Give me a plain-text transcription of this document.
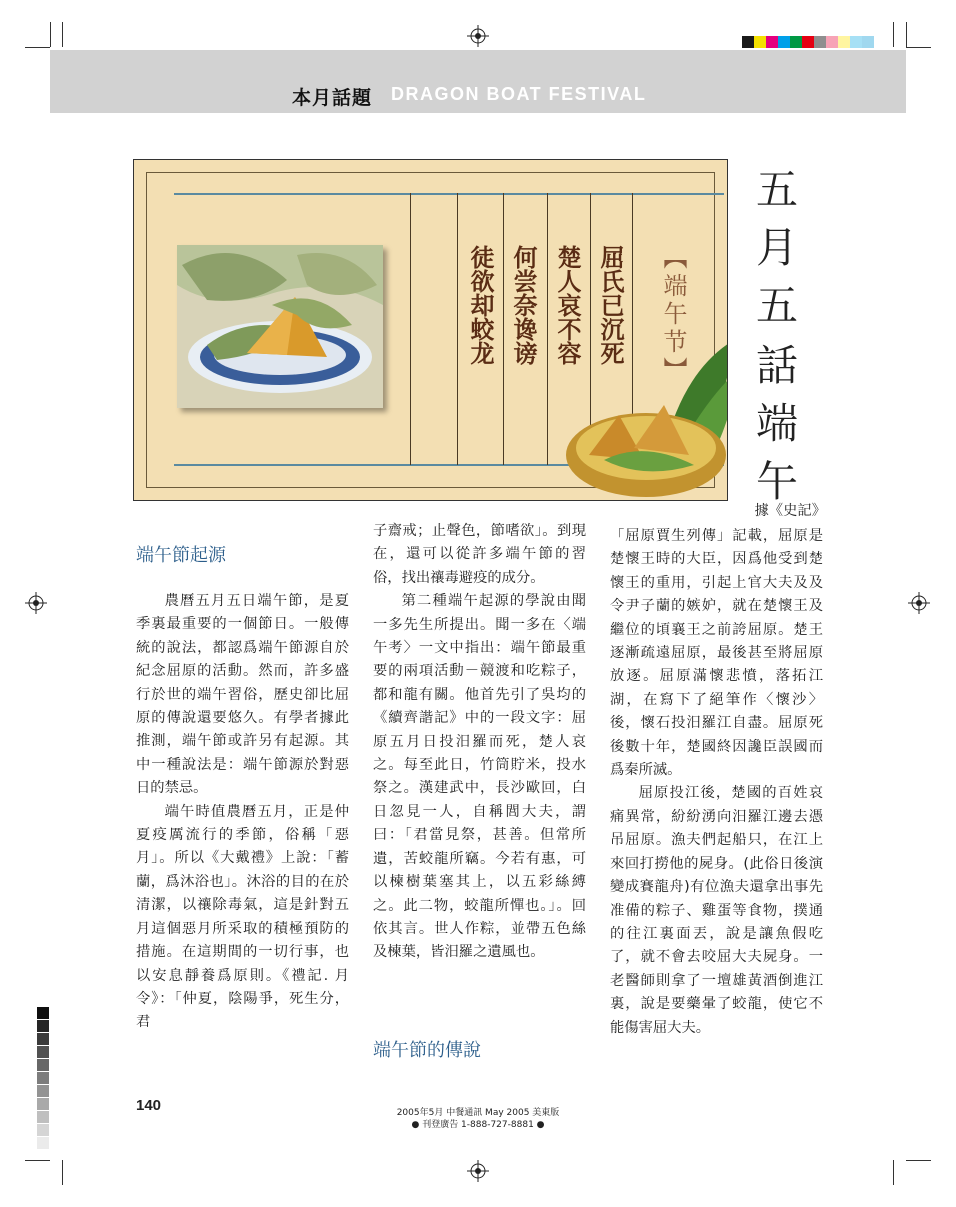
本月話題 DRAGON BOAT FESTIVAL
屈氏已沉死
楚人哀不容
何尝奈谗谤
徒欲却蛟龙	【端午节】
五
月
五
話
端
午
據《史記》
端午節起源

農曆五月五日端午節，是夏季裏最重要的一個節日。一般傳統的說法，都認爲端午節源自於紀念屈原的活動。然而，許多盛行於世的端午習俗，歷史卻比屈原的傳說還要悠久。有學者據此推測，端午節或許另有起源。其中一種說法是：端午節源於對惡日的禁忌。

端午時值農曆五月，正是仲夏疫厲流行的季節，俗稱「惡月」。所以《大戴禮》上說：「蓄蘭，爲沐浴也」。沐浴的目的在於清潔，以禳除毒氣，這是針對五月這個惡月所采取的積極預防的措施。在這期間的一切行事，也以安息靜養爲原則。《禮記. 月令》：「仲夏，陰陽爭，死生分，君

子齋戒；止聲色，節嗜欲」。到現在，還可以從許多端午節的習俗，找出禳毒避疫的成分。

第二種端午起源的學說由聞一多先生所提出。聞一多在〈端午考〉一文中指出：端午節最重要的兩項活動－競渡和吃粽子，都和龍有關。他首先引了吳均的《續齊諧記》中的一段文字：屈原五月日投汨羅而死，楚人哀之。每至此日，竹筒貯米，投水祭之。漢建武中，長沙歐回，白日忽見一人，自稱閭大夫，謂曰：「君當見祭，甚善。但常所遺，苦蛟龍所竊。今若有惠，可以楝樹葉塞其上，以五彩絲縛之。此二物，蛟龍所憚也。」。回依其言。世人作粽，並帶五色絲及楝葉，皆汨羅之遺風也。

端午節的傳說

「屈原賈生列傳」記載，屈原是楚懷王時的大臣，因爲他受到楚懷王的重用，引起上官大夫及及令尹子蘭的嫉妒，就在楚懷王及繼位的頃襄王之前誇屈原。楚王逐漸疏遠屈原，最後甚至將屈原放逐。屈原滿懷悲憤，落拓江湖，在寫下了絕筆作〈懷沙〉後，懷石投汨羅江自盡。屈原死後數十年，楚國終因讒臣誤國而爲秦所滅。

屈原投江後，楚國的百姓哀痛異常，紛紛湧向汨羅江邊去憑吊屈原。漁夫們起船只，在江上來回打撈他的屍身。(此俗日後演變成賽龍舟)有位漁夫還拿出事先准備的粽子、雞蛋等食物，撲通的往江裏面丟，說是讓魚假吃了，就不會去咬屈大夫屍身。一老醫師則拿了一壇雄黃酒倒進江裏，說是要藥暈了蛟龍，使它不能傷害屈大夫。

140	2005年5月 中餐通訊 May 2005 美東版
● 刊登廣告 1-888-727-8881 ●
